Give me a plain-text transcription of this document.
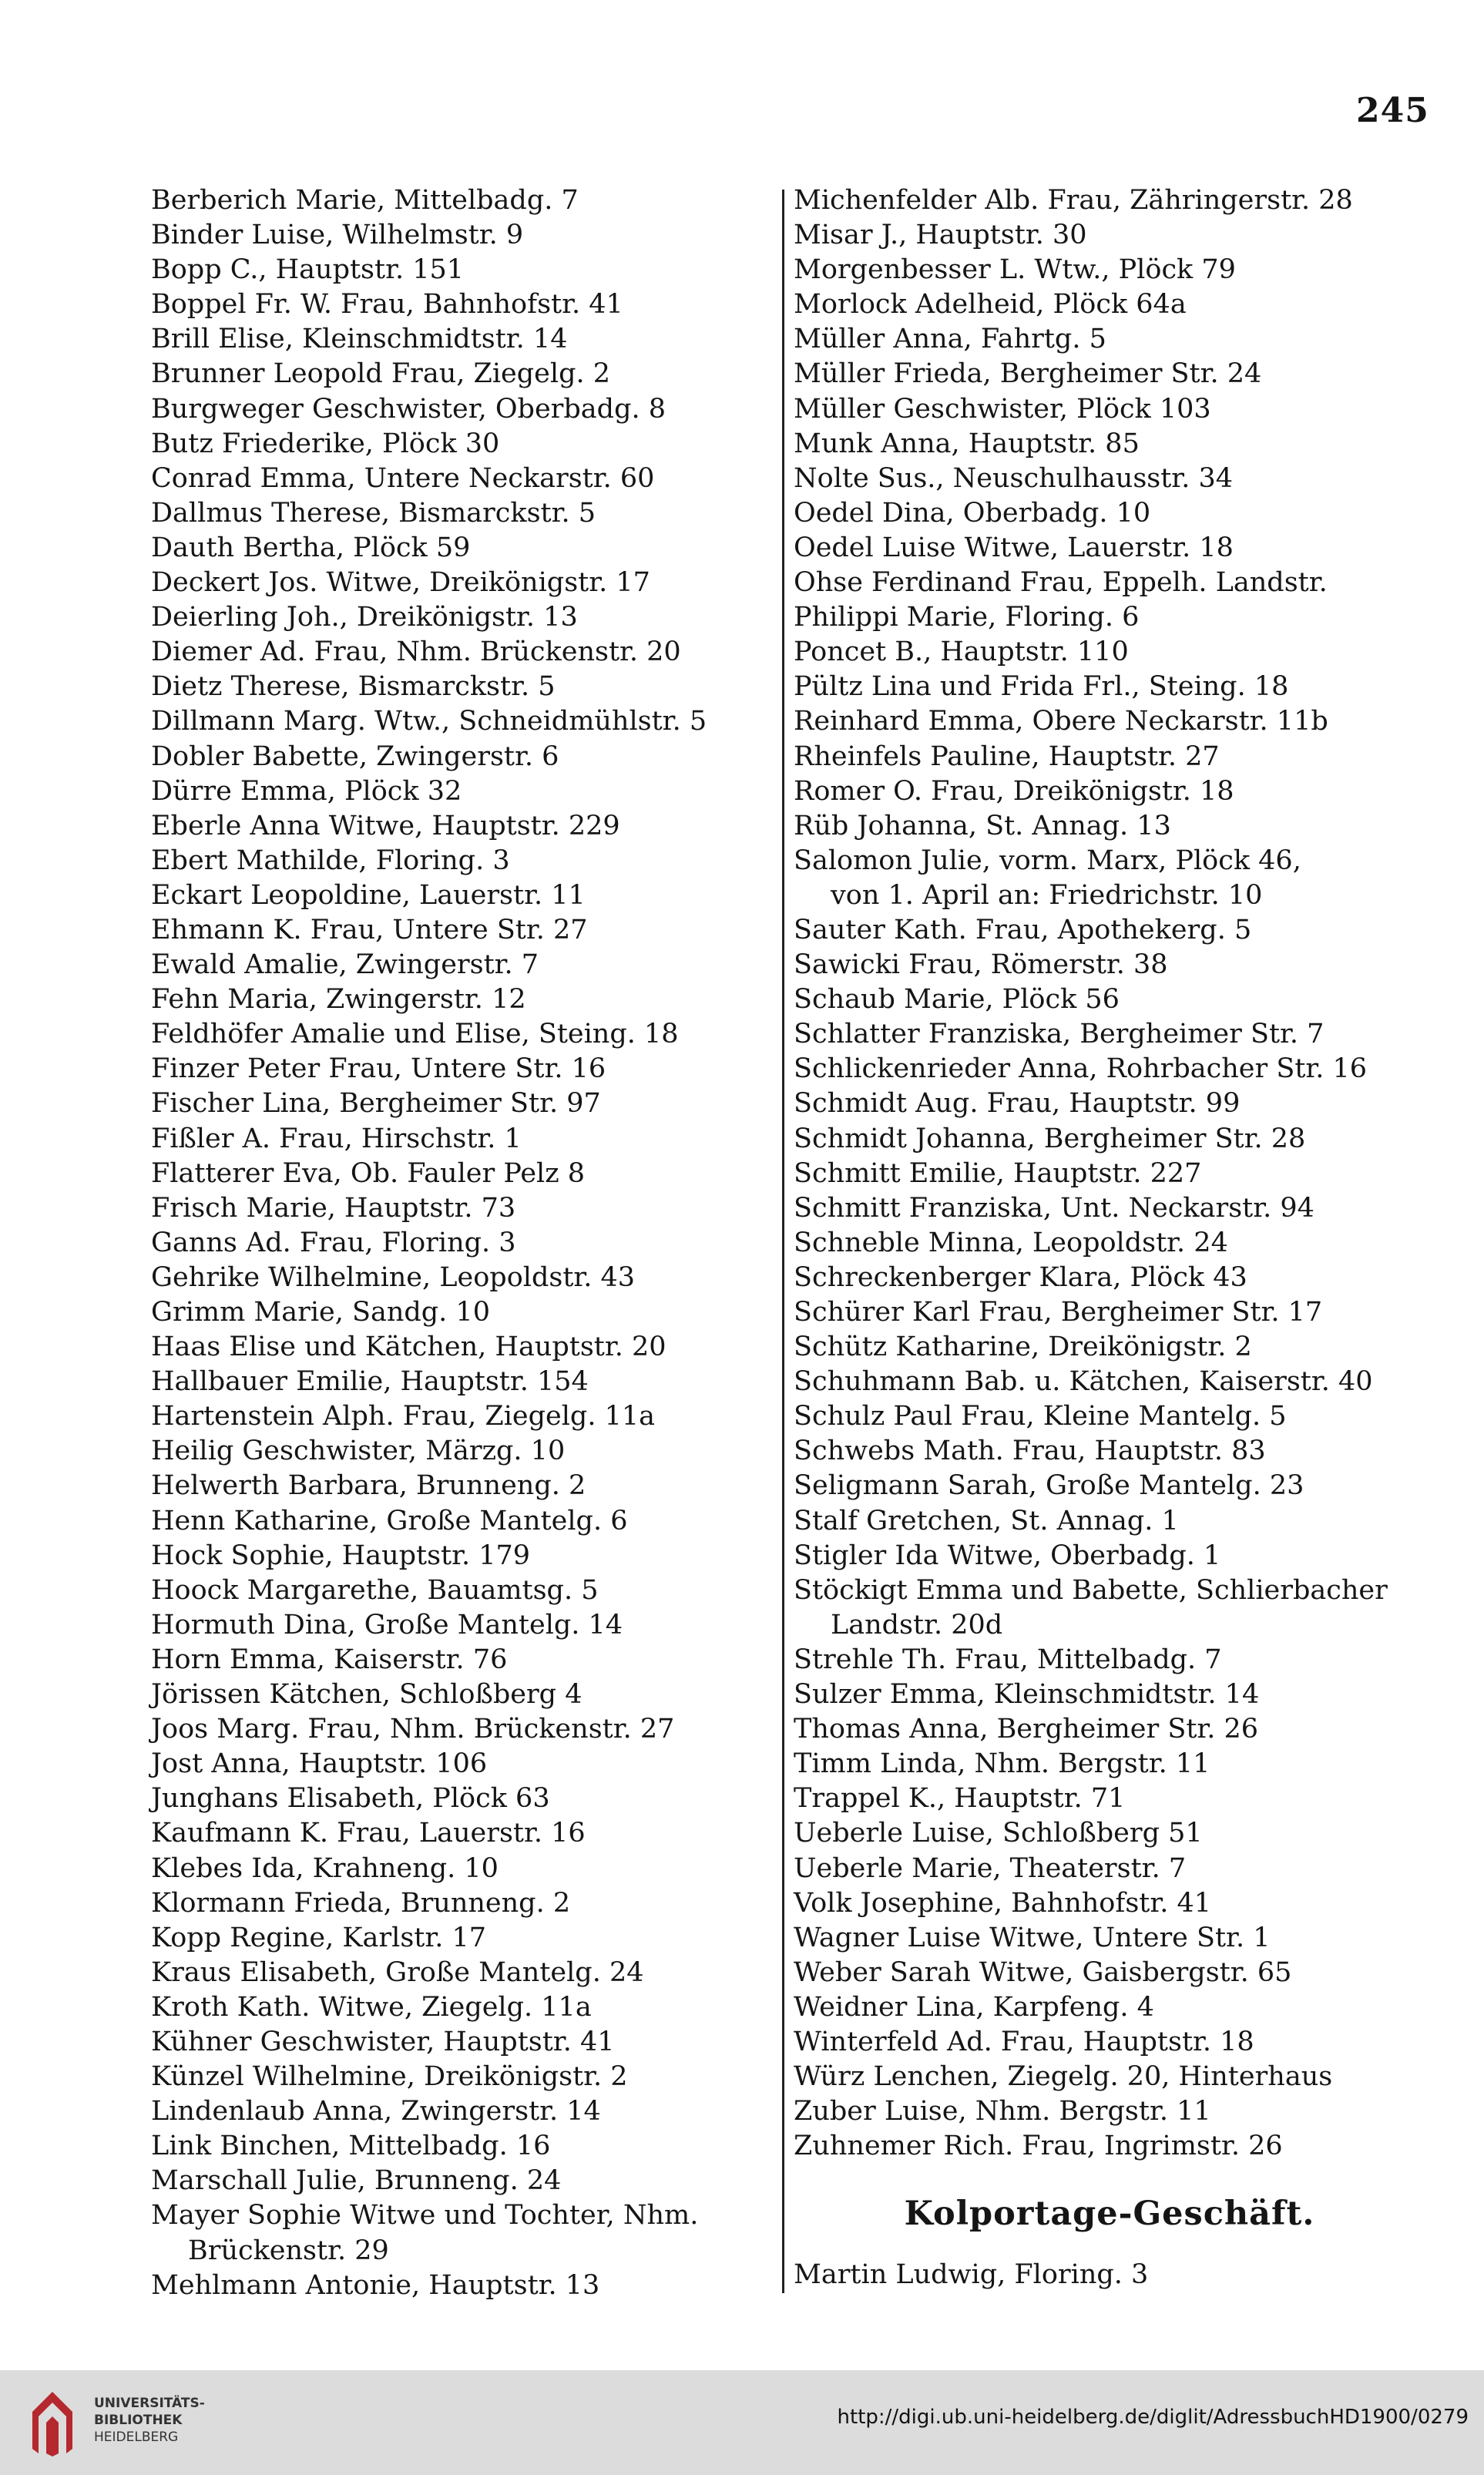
245
Berberich Marie, Mittelbadg. 7
Binder Luise, Wilhelmstr. 9
Bopp C., Hauptstr. 151
Boppel Fr. W. Frau, Bahnhofstr. 41
Brill Elise, Kleinschmidtstr. 14
Brunner Leopold Frau, Ziegelg. 2
Burgweger Geschwister, Oberbadg. 8
Butz Friederike, Plöck 30
Conrad Emma, Untere Neckarstr. 60
Dallmus Therese, Bismarckstr. 5
Dauth Bertha, Plöck 59
Deckert Jos. Witwe, Dreikönigstr. 17
Deierling Joh., Dreikönigstr. 13
Diemer Ad. Frau, Nhm. Brückenstr. 20
Dietz Therese, Bismarckstr. 5
Dillmann Marg. Wtw., Schneidmühlstr. 5
Dobler Babette, Zwingerstr. 6
Dürre Emma, Plöck 32
Eberle Anna Witwe, Hauptstr. 229
Ebert Mathilde, Floring. 3
Eckart Leopoldine, Lauerstr. 11
Ehmann K. Frau, Untere Str. 27
Ewald Amalie, Zwingerstr. 7
Fehn Maria, Zwingerstr. 12
Feldhöfer Amalie und Elise, Steing. 18
Finzer Peter Frau, Untere Str. 16
Fischer Lina, Bergheimer Str. 97
Fißler A. Frau, Hirschstr. 1
Flatterer Eva, Ob. Fauler Pelz 8
Frisch Marie, Hauptstr. 73
Ganns Ad. Frau, Floring. 3
Gehrike Wilhelmine, Leopoldstr. 43
Grimm Marie, Sandg. 10
Haas Elise und Kätchen, Hauptstr. 20
Hallbauer Emilie, Hauptstr. 154
Hartenstein Alph. Frau, Ziegelg. 11a
Heilig Geschwister, Märzg. 10
Helwerth Barbara, Brunneng. 2
Henn Katharine, Große Mantelg. 6
Hock Sophie, Hauptstr. 179
Hoock Margarethe, Bauamtsg. 5
Hormuth Dina, Große Mantelg. 14
Horn Emma, Kaiserstr. 76
Jörissen Kätchen, Schloßberg 4
Joos Marg. Frau, Nhm. Brückenstr. 27
Jost Anna, Hauptstr. 106
Junghans Elisabeth, Plöck 63
Kaufmann K. Frau, Lauerstr. 16
Klebes Ida, Krahneng. 10
Klormann Frieda, Brunneng. 2
Kopp Regine, Karlstr. 17
Kraus Elisabeth, Große Mantelg. 24
Kroth Kath. Witwe, Ziegelg. 11a
Kühner Geschwister, Hauptstr. 41
Künzel Wilhelmine, Dreikönigstr. 2
Lindenlaub Anna, Zwingerstr. 14
Link Binchen, Mittelbadg. 16
Marschall Julie, Brunneng. 24
Mayer Sophie Witwe und Tochter, Nhm.
Brückenstr. 29
Mehlmann Antonie, Hauptstr. 13
Michenfelder Alb. Frau, Zähringerstr. 28
Misar J., Hauptstr. 30
Morgenbesser L. Wtw., Plöck 79
Morlock Adelheid, Plöck 64a
Müller Anna, Fahrtg. 5
Müller Frieda, Bergheimer Str. 24
Müller Geschwister, Plöck 103
Munk Anna, Hauptstr. 85
Nolte Sus., Neuschulhausstr. 34
Oedel Dina, Oberbadg. 10
Oedel Luise Witwe, Lauerstr. 18
Ohse Ferdinand Frau, Eppelh. Landstr.
Philippi Marie, Floring. 6
Poncet B., Hauptstr. 110
Pültz Lina und Frida Frl., Steing. 18
Reinhard Emma, Obere Neckarstr. 11b
Rheinfels Pauline, Hauptstr. 27
Romer O. Frau, Dreikönigstr. 18
Rüb Johanna, St. Annag. 13
Salomon Julie, vorm. Marx, Plöck 46,
von 1. April an: Friedrichstr. 10
Sauter Kath. Frau, Apothekerg. 5
Sawicki Frau, Römerstr. 38
Schaub Marie, Plöck 56
Schlatter Franziska, Bergheimer Str. 7
Schlickenrieder Anna, Rohrbacher Str. 16
Schmidt Aug. Frau, Hauptstr. 99
Schmidt Johanna, Bergheimer Str. 28
Schmitt Emilie, Hauptstr. 227
Schmitt Franziska, Unt. Neckarstr. 94
Schneble Minna, Leopoldstr. 24
Schreckenberger Klara, Plöck 43
Schürer Karl Frau, Bergheimer Str. 17
Schütz Katharine, Dreikönigstr. 2
Schuhmann Bab. u. Kätchen, Kaiserstr. 40
Schulz Paul Frau, Kleine Mantelg. 5
Schwebs Math. Frau, Hauptstr. 83
Seligmann Sarah, Große Mantelg. 23
Stalf Gretchen, St. Annag. 1
Stigler Ida Witwe, Oberbadg. 1
Stöckigt Emma und Babette, Schlierbacher
Landstr. 20d
Strehle Th. Frau, Mittelbadg. 7
Sulzer Emma, Kleinschmidtstr. 14
Thomas Anna, Bergheimer Str. 26
Timm Linda, Nhm. Bergstr. 11
Trappel K., Hauptstr. 71
Ueberle Luise, Schloßberg 51
Ueberle Marie, Theaterstr. 7
Volk Josephine, Bahnhofstr. 41
Wagner Luise Witwe, Untere Str. 1
Weber Sarah Witwe, Gaisbergstr. 65
Weidner Lina, Karpfeng. 4
Winterfeld Ad. Frau, Hauptstr. 18
Würz Lenchen, Ziegelg. 20, Hinterhaus
Zuber Luise, Nhm. Bergstr. 11
Zuhnemer Rich. Frau, Ingrimstr. 26
Kolportage-Geschäft.
Martin Ludwig, Floring. 3
UNIVERSITÄTS-
BIBLIOTHEK
HEIDELBERG
http://digi.ub.uni-heidelberg.de/diglit/AdressbuchHD1900/0279
